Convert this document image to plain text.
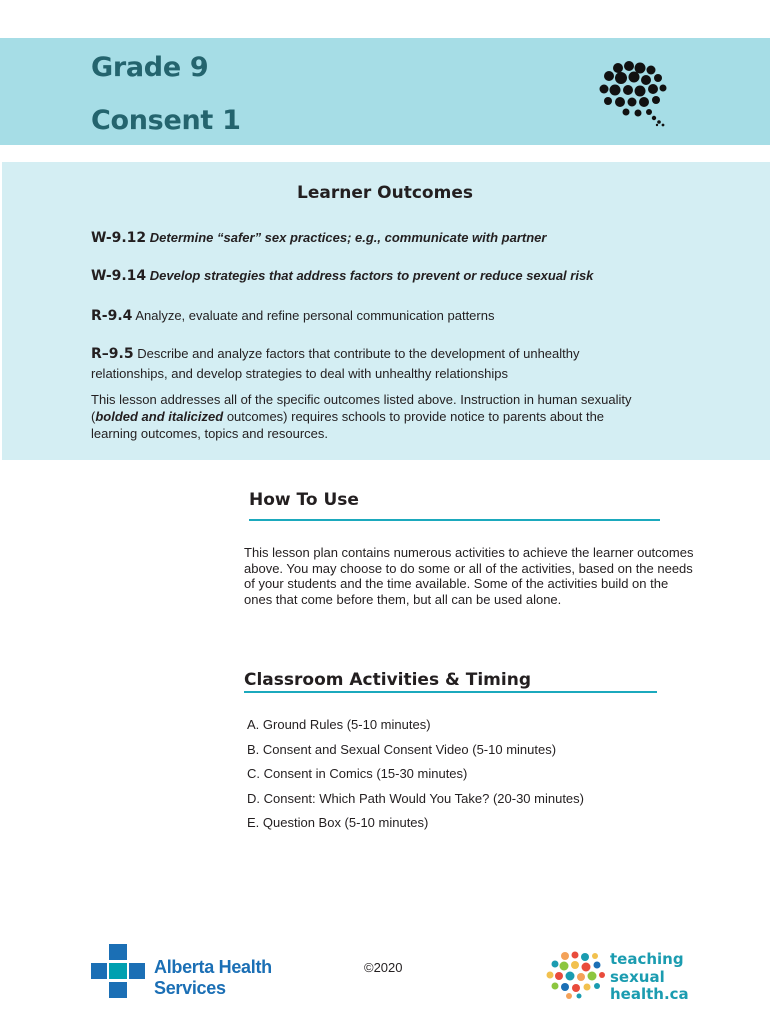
Grade 9
Consent 1
Learner Outcomes

W-9.12 Determine “safer” sex practices; e.g., communicate with partner

W-9.14 Develop strategies that address factors to prevent or reduce sexual risk

R-9.4 Analyze, evaluate and refine personal communication patterns

R–9.5 Describe and analyze factors that contribute to the development of unhealthy relationships, and develop strategies to deal with unhealthy relationships

This lesson addresses all of the specific outcomes listed above. Instruction in human sexuality (bolded and italicized outcomes) requires schools to provide notice to parents about the learning outcomes, topics and resources.

How To Use

This lesson plan contains numerous activities to achieve the learner outcomes above. You may choose to do some or all of the activities, based on the needs of your students and the time available. Some of the activities build on the ones that come before them, but all can be used alone.

Classroom Activities & Timing
A. Ground Rules (5-10 minutes)
B. Consent and Sexual Consent Video (5-10 minutes)
C. Consent in Comics (15-30 minutes)
D. Consent: Which Path Would You Take? (20-30 minutes)
E. Question Box (5-10 minutes)
Alberta Health
Services
©2020	teaching
sexual
health.ca
